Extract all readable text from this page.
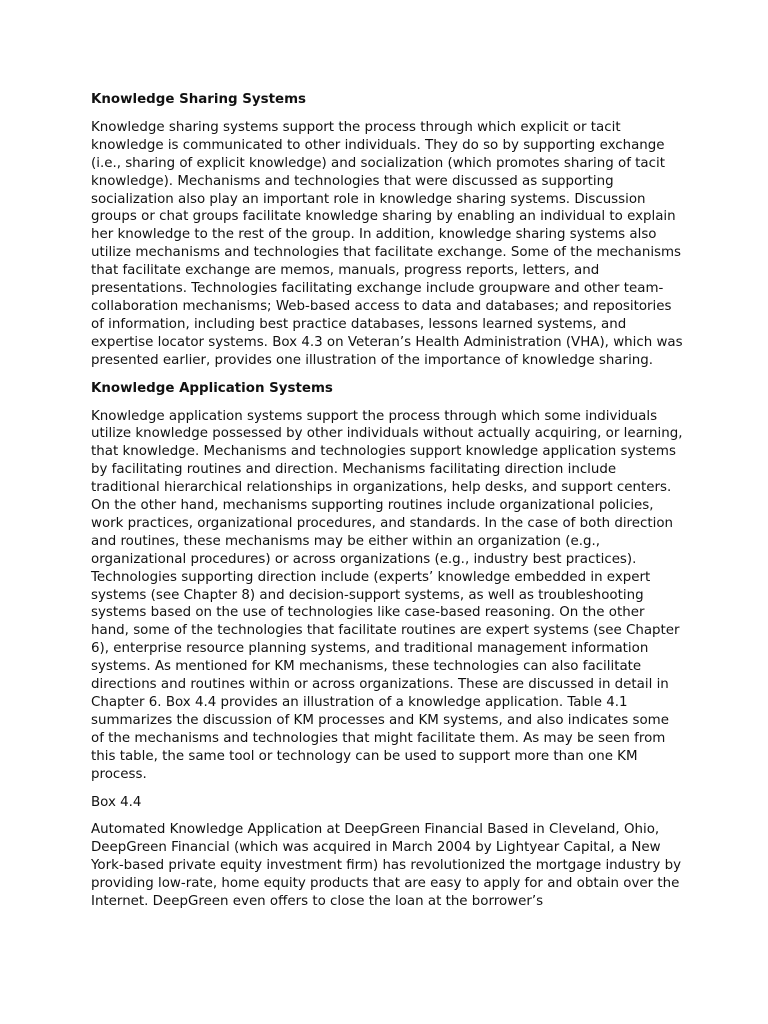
Knowledge Sharing Systems
Knowledge sharing systems support the process through which explicit or tacit knowledge is communicated to other individuals. They do so by supporting exchange (i.e., sharing of explicit knowledge) and socialization (which promotes sharing of tacit knowledge). Mechanisms and technologies that were discussed as supporting socialization also play an important role in knowledge sharing systems. Discussion groups or chat groups facilitate knowledge sharing by enabling an individual to explain her knowledge to the rest of the group. In addition, knowledge sharing systems also utilize mechanisms and technologies that facilitate exchange. Some of the mechanisms that facilitate exchange are memos, manuals, progress reports, letters, and presentations. Technologies facilitating exchange include groupware and other team-collaboration mechanisms; Web-based access to data and databases; and repositories of information, including best practice databases, lessons learned systems, and expertise locator systems. Box 4.3 on Veteran’s Health Administration (VHA), which was presented earlier, provides one illustration of the importance of knowledge sharing.
Knowledge Application Systems
Knowledge application systems support the process through which some individuals utilize knowledge possessed by other individuals without actually acquiring, or learning, that knowledge. Mechanisms and technologies support knowledge application systems by facilitating routines and direction. Mechanisms facilitating direction include traditional hierarchical relationships in organizations, help desks, and support centers. On the other hand, mechanisms supporting routines include organizational policies, work practices, organizational procedures, and standards. In the case of both direction and routines, these mechanisms may be either within an organization (e.g., organizational procedures) or across organizations (e.g., industry best practices). Technologies supporting direction include (experts’ knowledge embedded in expert systems (see Chapter 8) and decision-support systems, as well as troubleshooting systems based on the use of technologies like case-based reasoning. On the other hand, some of the technologies that facilitate routines are expert systems (see Chapter 6), enterprise resource planning systems, and traditional management information systems. As mentioned for KM mechanisms, these technologies can also facilitate directions and routines within or across organizations. These are discussed in detail in Chapter 6. Box 4.4 provides an illustration of a knowledge application. Table 4.1 summarizes the discussion of KM processes and KM systems, and also indicates some of the mechanisms and technologies that might facilitate them. As may be seen from this table, the same tool or technology can be used to support more than one KM process.
Box 4.4
Automated Knowledge Application at DeepGreen Financial Based in Cleveland, Ohio, DeepGreen Financial (which was acquired in March 2004 by Lightyear Capital, a New York-based private equity investment firm) has revolutionized the mortgage industry by providing low-rate, home equity products that are easy to apply for and obtain over the Internet. DeepGreen even offers to close the loan at the borrower’s
